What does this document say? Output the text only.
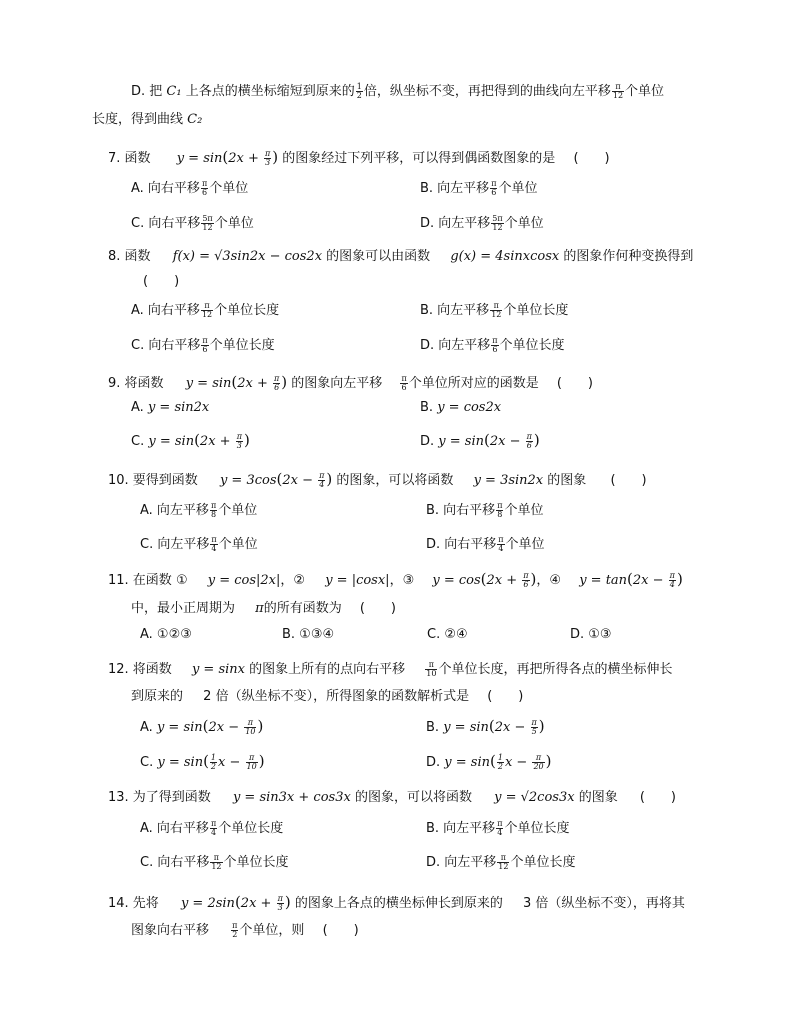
D. 把 C₁ 上各点的横坐标缩短到原来的 $\frac{1}{2}$ 倍，纵坐标不变，再把得到的曲线向左平移 $\frac{\pi}{12}$ 个单位
长度，得到曲线 C₂
7. 函数 $y = \sin(2x + \frac{\pi}{3}$ ) 的图象经过下列平移，可以得到偶函数图象的是 (　　)
A. 向右平移 $\frac{\pi}{6}$ 个单位	B. 向左平移 $\frac{\pi}{6}$ 个单位
C. 向右平移 $\frac{5\pi}{12}$ 个单位	D. 向左平移 $\frac{5\pi}{12}$ 个单位
8. 函数 f(x) = √3sin2x − cos2x 的图象可以由函数 g(x) = 4sinxcosx 的图象作何种变换得到
(　　)
A. 向右平移 $\frac{\pi}{12}$ 个单位长度	B. 向左平移 $\frac{\pi}{12}$ 个单位长度
C. 向右平移 $\frac{\pi}{6}$ 个单位长度	D. 向左平移 $\frac{\pi}{6}$ 个单位长度
9. 将函数 $y = \sin(2x + \frac{\pi}{6}$ ) 的图象向左平移 $\frac{\pi}{6}$ 个单位所对应的函数是 (　　)
A. y = sin2x	B. y = cos2x
C. $y = \sin(2x + \frac{\pi}{3}$ )	D. $y = \sin(2x - \frac{\pi}{6}$ )
10. 要得到函数 $y = 3\cos(2x - \frac{\pi}{4}$ ) 的图象，可以将函数 y = 3sin2x 的图象 (　　)
A. 向左平移 $\frac{\pi}{8}$ 个单位	B. 向右平移 $\frac{\pi}{8}$ 个单位
C. 向左平移 $\frac{\pi}{4}$ 个单位	D. 向右平移 $\frac{\pi}{4}$ 个单位
11. 在函数 ① y = cos|2x|，② y = |cosx|，③ $y = \cos(2x + \frac{\pi}{6}$ )，④ $y = \tan(2x - \frac{\pi}{4}$ )
中，最小正周期为 π的所有函数为 (　　)
A. ①②③	B. ①③④	C. ②④	D. ①③
12. 将函数 y = sinx 的图象上所有的点向右平移	$\frac{\pi}{10}$ 个单位长度，再把所得各点的横坐标伸长
到原来的 2 倍（纵坐标不变），所得图象的函数解析式是 (　　)
A. $y = \sin(2x - \frac{\pi}{10}$ )	B. $y = \sin(2x - \frac{\pi}{5}$ )
C. $y = \sin( \frac{1}{2}$ $x - \frac{\pi}{10}$ )	D. $y = \sin( \frac{1}{2}$ $x - \frac{\pi}{20}$ )
13. 为了得到函数 y = sin3x + cos3x 的图象，可以将函数 y = √2cos3x 的图象 (　　)
A. 向右平移 $\frac{\pi}{4}$ 个单位长度	B. 向左平移 $\frac{\pi}{4}$ 个单位长度
C. 向右平移 $\frac{\pi}{12}$ 个单位长度	D. 向左平移 $\frac{\pi}{12}$ 个单位长度
14. 先将 $y = 2\sin(2x + \frac{\pi}{3}$ ) 的图象上各点的横坐标伸长到原来的 3 倍（纵坐标不变），再将其
图象向右平移	$\frac{\pi}{2}$ 个单位，则 (　　)
